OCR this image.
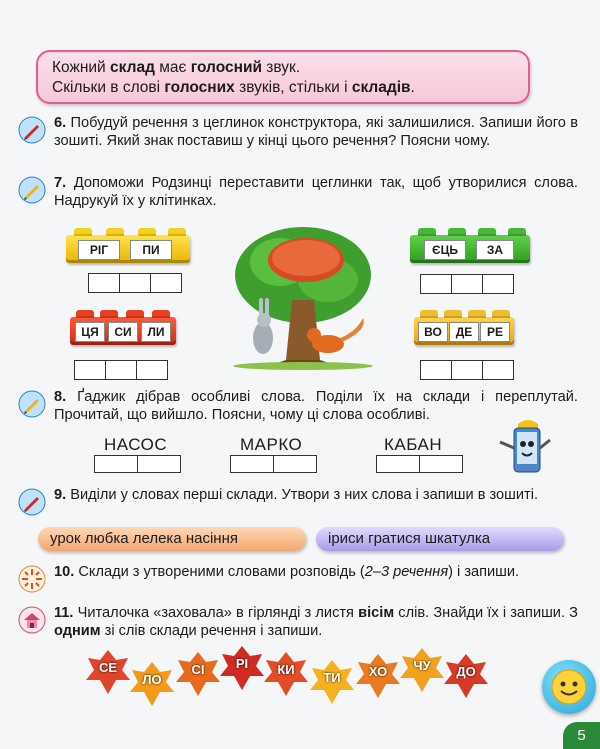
Кожний склад має голосний звук.
Скільки в слові голосних звуків, стільки і складів.
6. Побудуй речення з цеглинок конструктора, які залишилися. Запиши його в зошиті. Який знак поставиш у кінці цього речення? Поясни чому.
7. Допоможи Родзинці переставити цеглинки так, щоб утворилися слова. Надрукуй їх у клітинках.
РІГ	ПИ
ЦЯ	СИ	ЛИ
ЄЦЬ	ЗА
ВО	ДЕ	РЕ
8. Ґаджик дібрав особливі слова. Поділи їх на склади і переплутай. Прочитай, що вийшло. Поясни, чому ці слова особливі.
НАСОС	МАРКО	КАБАН
9. Виділи у словах перші склади. Утвори з них слова і запиши в зошиті.
урок любка лелека насіння	іриси гратися шкатулка
10. Склади з утвореними словами розповідь (2–3 речення) і запиши.
11. Читалочка «заховала» в гірлянді з листя вісім слів. Знайди їх і запиши. З одним зі слів склади речення і запиши.
СЕ
ЛО
СІ	РІ	КИ
ТИ	ХО	ЧУ	ДО
5
